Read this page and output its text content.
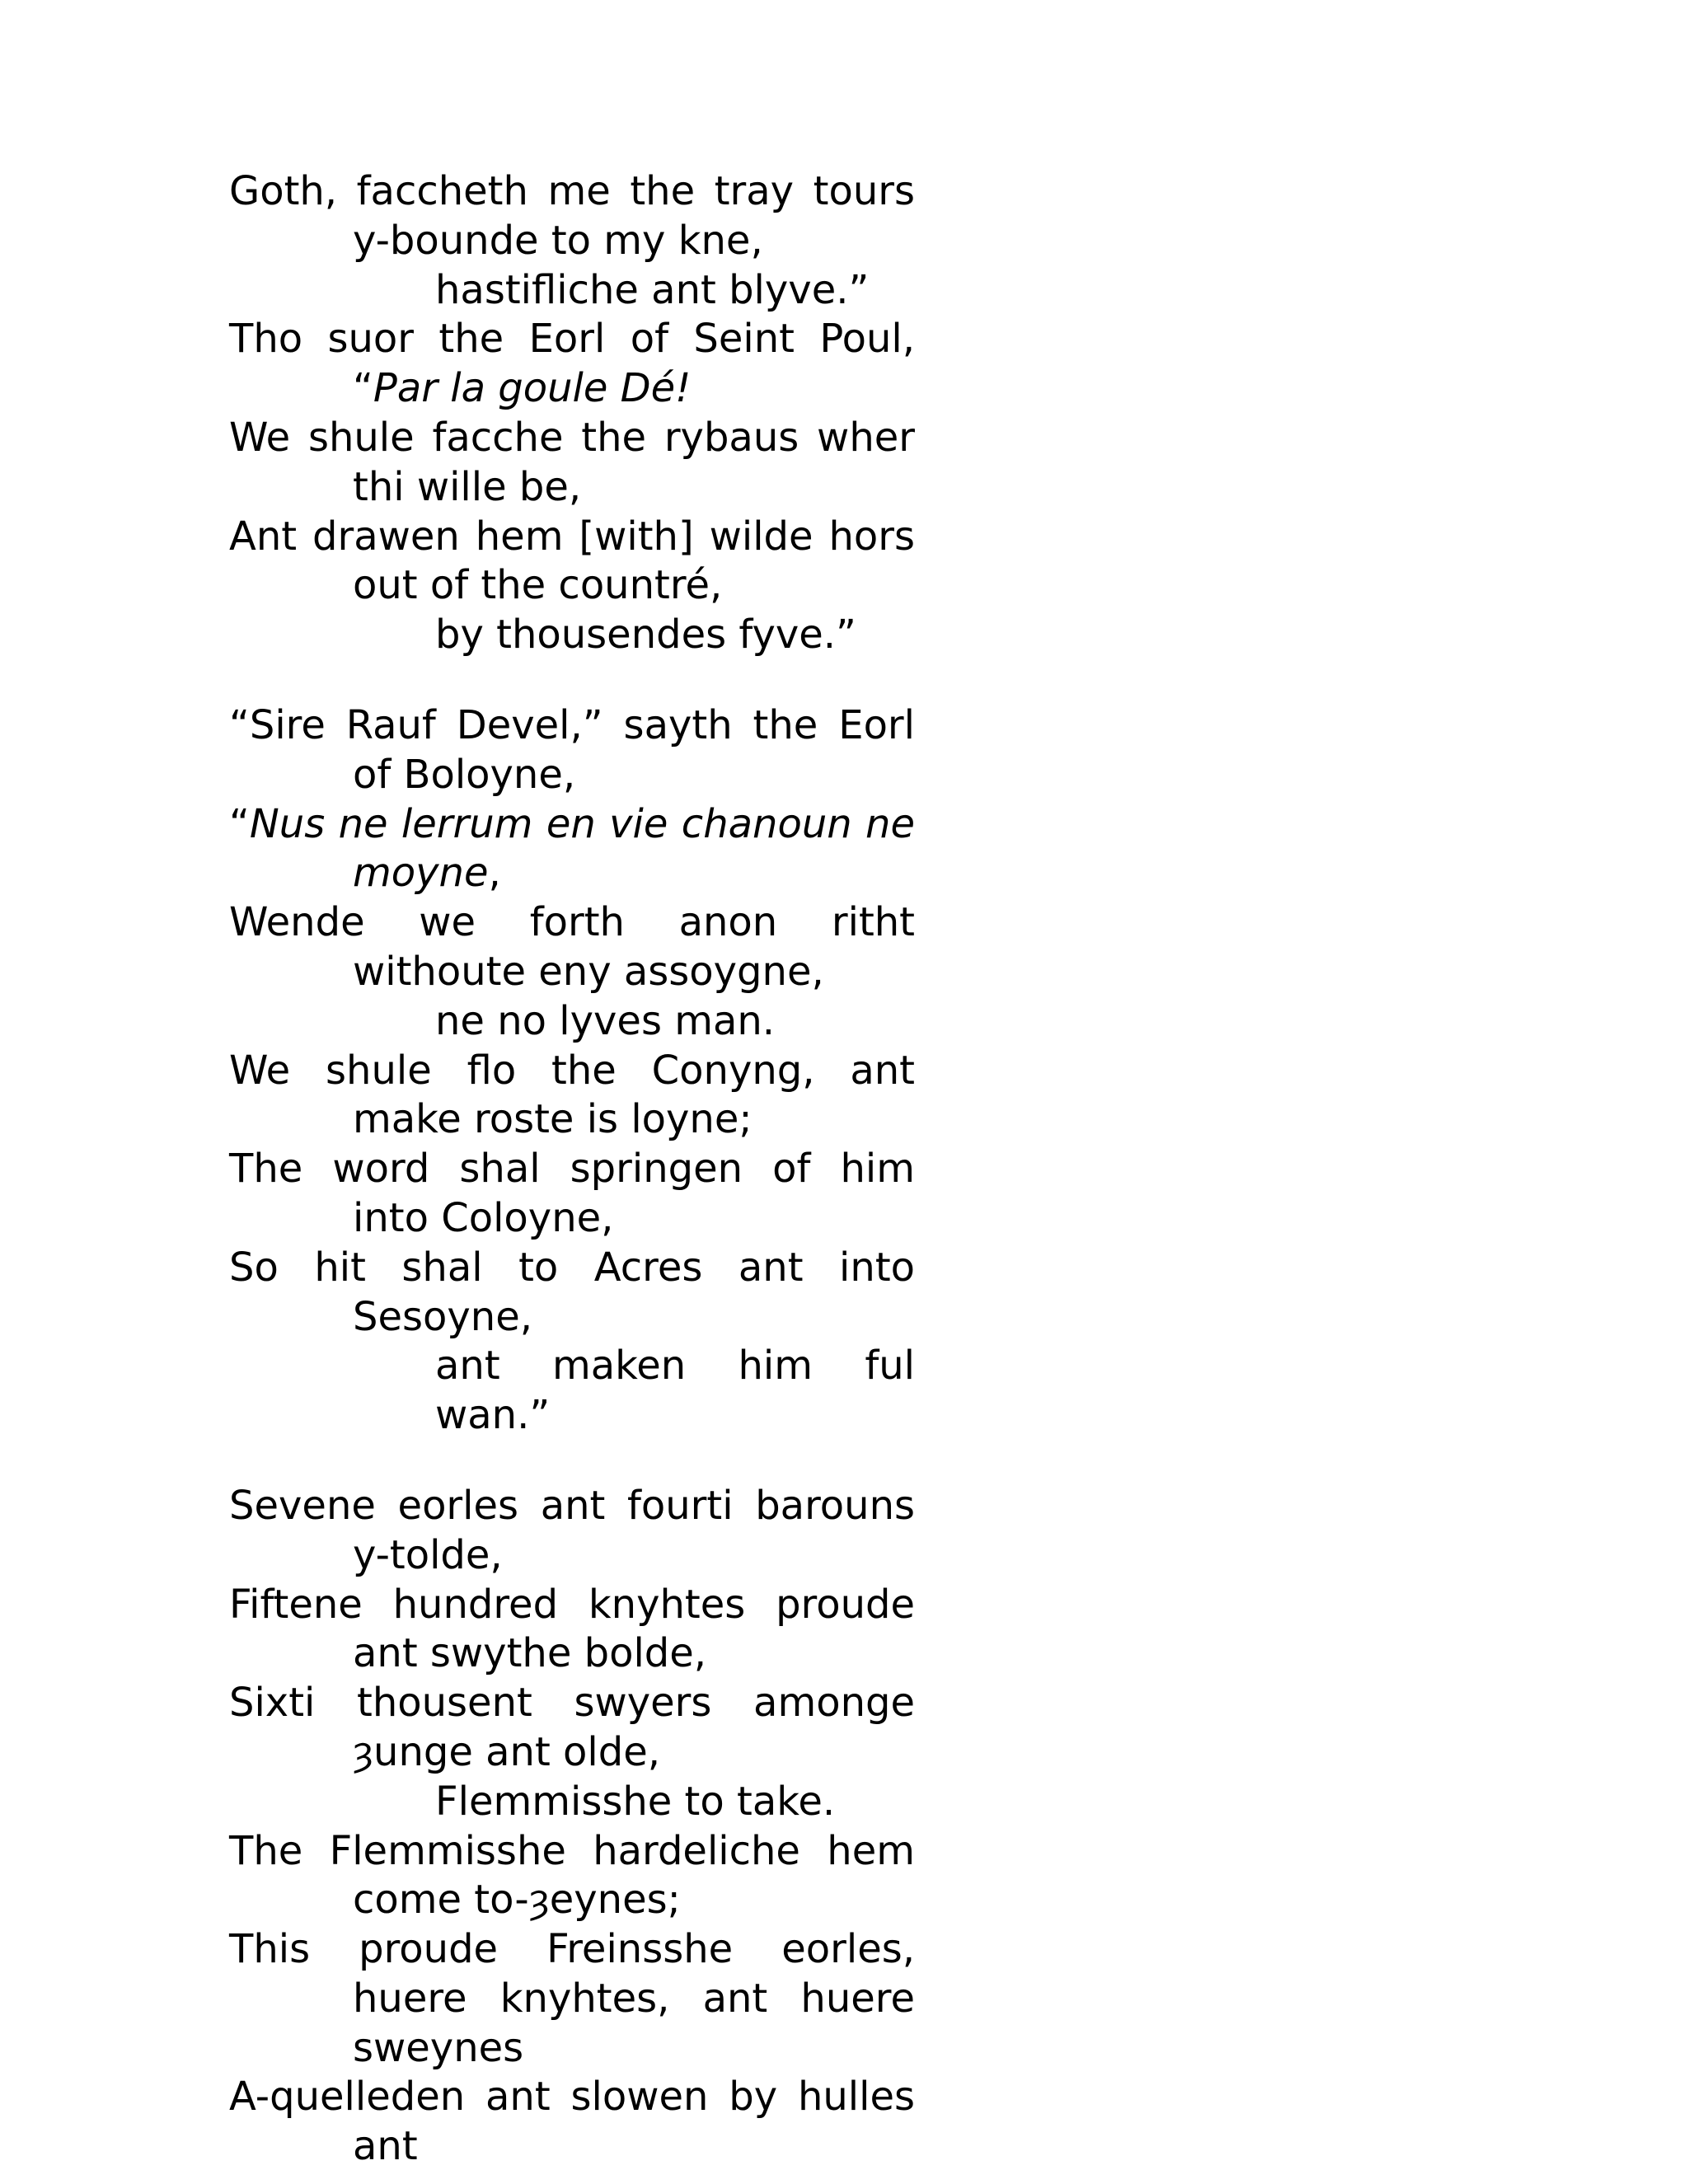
Goth, faccheth me the tray tours y-bounde to my kne,
hastifliche ant blyve.”
Tho suor the Eorl of Seint Poul, “Par la goule Dé!
We shule facche the rybaus wher thi wille be,
Ant drawen hem [with] wilde hors out of the countré,
by thousendes fyve.”
“Sire Rauf Devel,” sayth the Eorl of Boloyne,
“Nus ne lerrum en vie chanoun ne moyne,
Wende we forth anon ritht withoute eny assoygne,
ne no lyves man.
We shule flo the Conyng, ant make roste is loyne;
The word shal springen of him into Coloyne,
So hit shal to Acres ant into Sesoyne,
ant maken him ful wan.”
Sevene eorles ant fourti barouns y-tolde,
Fiftene hundred knyhtes proude ant swythe bolde,
Sixti thousent swyers amonge ȝunge ant olde,
Flemmisshe to take.
The Flemmisshe hardeliche hem come to-ȝeynes;
This proude Freinsshe eorles, huere knyhtes, ant huere sweynes
A-quelleden ant slowen by hulles ant
